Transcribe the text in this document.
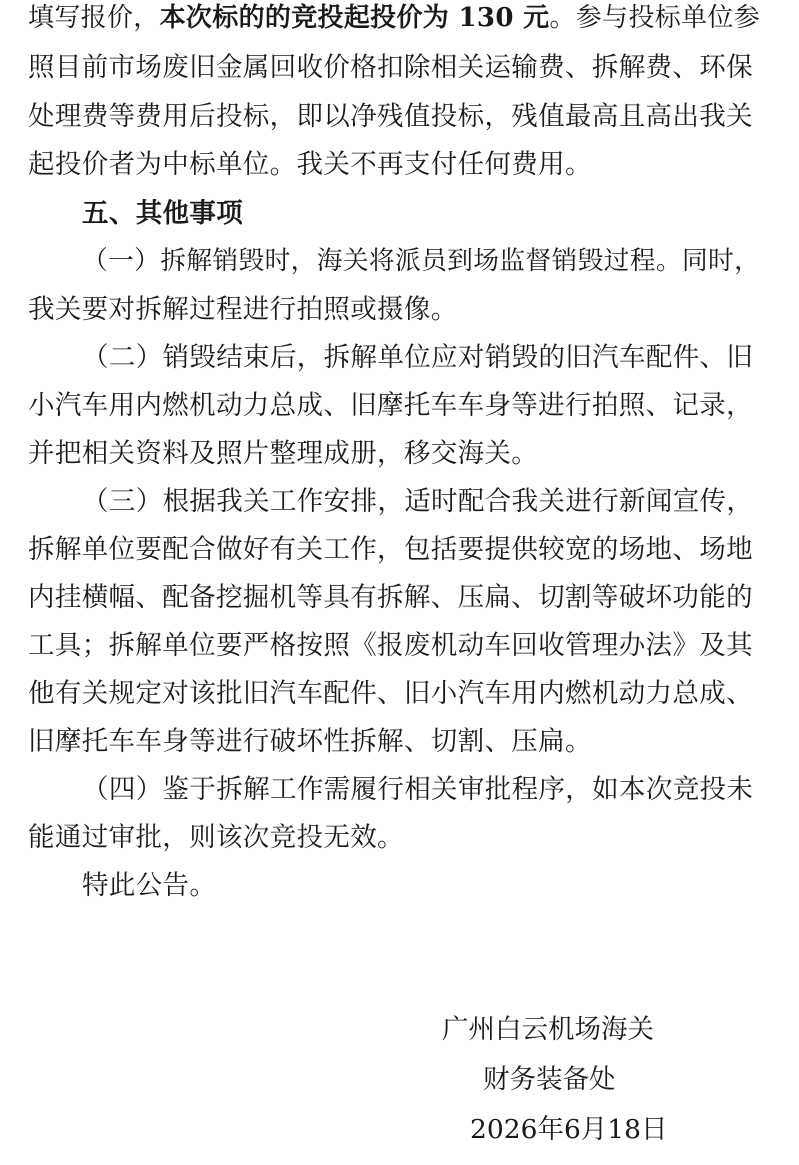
填写报价，本次标的的竞投起投价为 130 元。参与投标单位参
照目前市场废旧金属回收价格扣除相关运输费、拆解费、环保
处理费等费用后投标，即以净残值投标，残值最高且高出我关
起投价者为中标单位。我关不再支付任何费用。
五、其他事项
（一）拆解销毁时，海关将派员到场监督销毁过程。同时，
我关要对拆解过程进行拍照或摄像。
（二）销毁结束后，拆解单位应对销毁的旧汽车配件、旧
小汽车用内燃机动力总成、旧摩托车车身等进行拍照、记录，
并把相关资料及照片整理成册，移交海关。
（三）根据我关工作安排，适时配合我关进行新闻宣传，
拆解单位要配合做好有关工作，包括要提供较宽的场地、场地
内挂横幅、配备挖掘机等具有拆解、压扁、切割等破坏功能的
工具；拆解单位要严格按照《报废机动车回收管理办法》及其
他有关规定对该批旧汽车配件、旧小汽车用内燃机动力总成、
旧摩托车车身等进行破坏性拆解、切割、压扁。
（四）鉴于拆解工作需履行相关审批程序，如本次竞投未
能通过审批，则该次竞投无效。
特此公告。
广州白云机场海关
财务装备处
2026年6月18日
